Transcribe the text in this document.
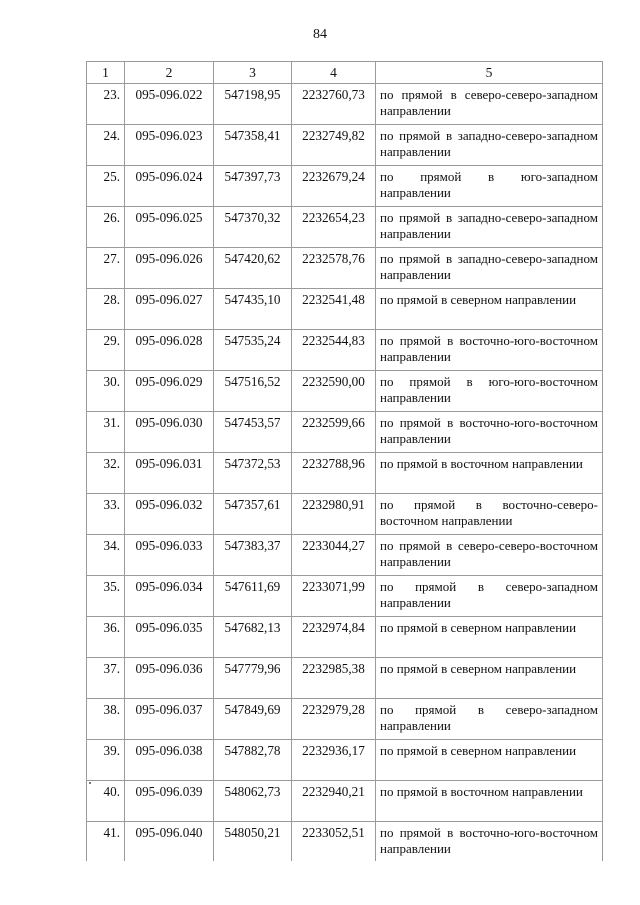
84
1	2	3	4	5
23.	095-096.022	547198,95	2232760,73	по прямой в северо-северо-западном направлении
24.	095-096.023	547358,41	2232749,82	по прямой в западно-северо-западном направлении
25.	095-096.024	547397,73	2232679,24	по прямой в юго-западном направлении
26.	095-096.025	547370,32	2232654,23	по прямой в западно-северо-западном направлении
27.	095-096.026	547420,62	2232578,76	по прямой в западно-северо-западном направлении
28.	095-096.027	547435,10	2232541,48	по прямой в северном направлении
29.	095-096.028	547535,24	2232544,83	по прямой в восточно-юго-восточном направлении
30.	095-096.029	547516,52	2232590,00	по прямой в юго-юго-восточном направлении
31.	095-096.030	547453,57	2232599,66	по прямой в восточно-юго-восточном направлении
32.	095-096.031	547372,53	2232788,96	по прямой в восточном направлении
33.	095-096.032	547357,61	2232980,91	по прямой в восточно-северо-восточном направлении
34.	095-096.033	547383,37	2233044,27	по прямой в северо-северо-восточном направлении
35.	095-096.034	547611,69	2233071,99	по прямой в северо-западном направлении
36.	095-096.035	547682,13	2232974,84	по прямой в северном направлении
37.	095-096.036	547779,96	2232985,38	по прямой в северном направлении
38.	095-096.037	547849,69	2232979,28	по прямой в северо-западном направлении
39.	095-096.038	547882,78	2232936,17	по прямой в северном направлении
40.	095-096.039	548062,73	2232940,21	по прямой в восточном направлении
41.	095-096.040	548050,21	2233052,51	по прямой в восточно-юго-восточном направлении
